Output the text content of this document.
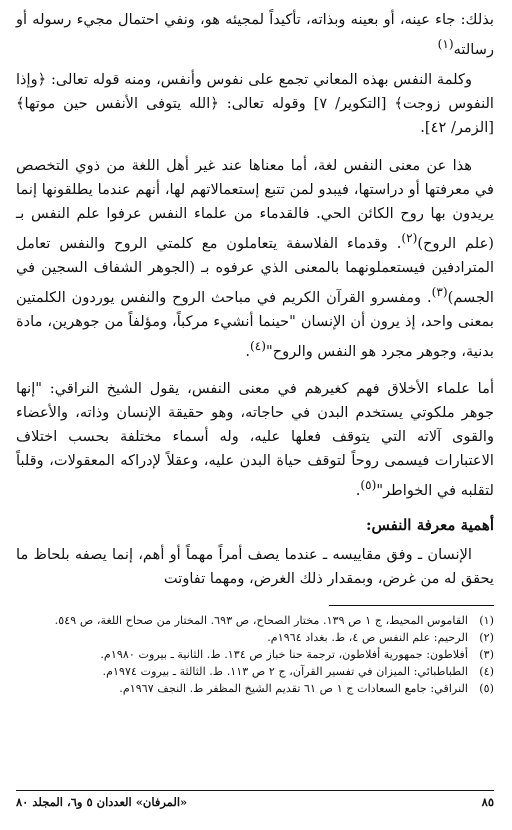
بذلك: جاء عينه، أو بعينه وبذاته، تأكيداً لمجيئه هو، ونفي احتمال مجيء رسوله أو رسالته$^{(١)}$

وكلمة النفس بهذه المعاني تجمع على نفوس وأنفس، ومنه قوله تعالى: ﴿وإذا النفوس زوجت﴾ [التكوير/ ٧] وقوله تعالى: ﴿الله يتوفى الأنفس حين موتها﴾ [الزمر/ ٤٢].

هذا عن معنى النفس لغة، أما معناها عند غير أهل اللغة من ذوي التخصص في معرفتها أو دراستها، فيبدو لمن تتبع إستعمالاتهم لها، أنهم عندما يطلقونها إنما يريدون بها روح الكائن الحي. فالقدماء من علماء النفس عرفوا علم النفس بـ (علم الروح)$^{(٢)}$. وقدماء الفلاسفة يتعاملون مع كلمتي الروح والنفس تعامل المترادفين فيستعملونهما بالمعنى الذي عرفوه بـ (الجوهر الشفاف السجين في الجسم)$^{(٣)}$. ومفسرو القرآن الكريم في مباحث الروح والنفس يوردون الكلمتين بمعنى واحد، إذ يرون أن الإنسان "حينما أنشيء مركباً، ومؤلفاً من جوهرين، مادة بدنية، وجوهر مجرد هو النفس والروح"$^{(٤)}$.

أما علماء الأخلاق فهم كغيرهم في معنى النفس، يقول الشيخ النراقي: "إنها جوهر ملكوتي يستخدم البدن في حاجاته، وهو حقيقة الإنسان وذاته، والأعضاء والقوى آلاته التي يتوقف فعلها عليه، وله أسماء مختلفة بحسب اختلاف الاعتبارات فيسمى روحاً لتوقف حياة البدن عليه، وعقلاً لإدراكه المعقولات، وقلباً لتقلبه في الخواطر"$^{(٥)}$.

أهمية معرفة النفس:

الإنسان ـ وفق مقاييسه ـ عندما يصف أمراً مهماً أو أهم، إنما يصفه بلحاظ ما يحقق له من غرض، وبمقدار ذلك الغرض، ومهما تفاوتت

(١)
القاموس المحيط، ج ١ ص ١٣٩. مختار الصحاح، ص ٦٩٣. المختار من صحاح اللغة، ص ٥٤٩.
(٢)
الرحيم: علم النفس ص ٤، ط. بغداد ١٩٦٤م.
(٣)
أفلاطون: جمهورية أفلاطون، ترجمة حنا خباز ص ١٣٤. ط. الثانية ـ بيروت ١٩٨٠م.
(٤)
الطباطبائي: الميزان في تفسير القرآن، ج ٢ ص ١١٣. ط. الثالثة ـ بيروت ١٩٧٤م.
(٥)
النراقي: جامع السعادات ج ١ ص ٦١ تقديم الشيخ المظفر ط. النجف ١٩٦٧م.
٨٥
«المرفان» العددان ٥ و٦، المجلد ٨٠
